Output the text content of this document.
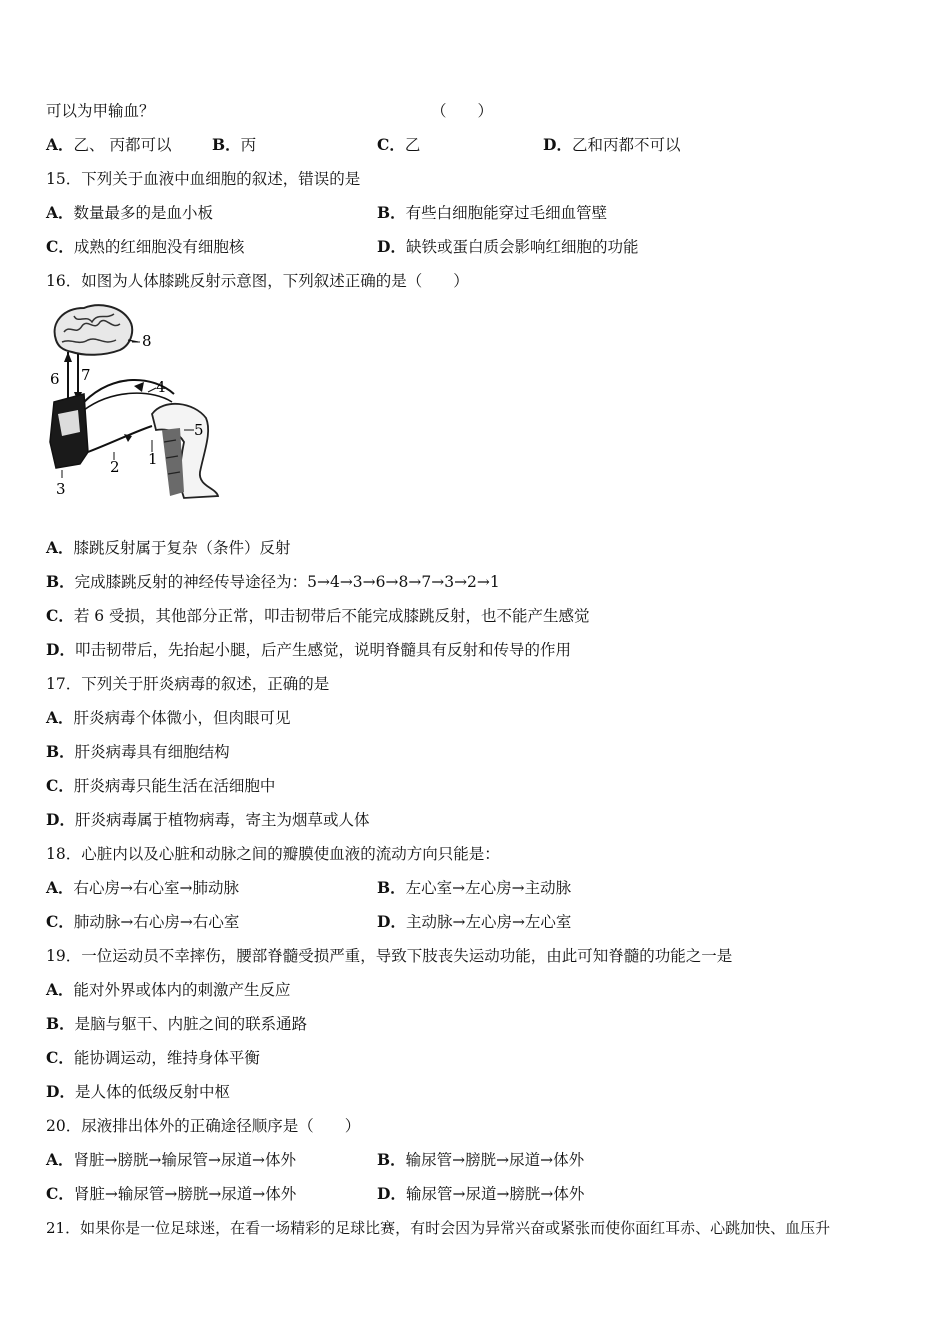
可以为甲输血？	（　　）
A．乙、 丙都可以	B．丙	C．乙	D．乙和丙都不可以
15．下列关于血液中血细胞的叙述，错误的是
A．数量最多的是血小板	B．有些白细胞能穿过毛细血管壁
C．成熟的红细胞没有细胞核	D．缺铁或蛋白质会影响红细胞的功能
16．如图为人体膝跳反射示意图，下列叙述正确的是（　　）
8
6 7
4
5
1
2
3
A．膝跳反射属于复杂（条件）反射
B．完成膝跳反射的神经传导途径为：5→4→3→6→8→7→3→2→1
C．若 6 受损，其他部分正常，叩击韧带后不能完成膝跳反射，也不能产生感觉
D．叩击韧带后，先抬起小腿，后产生感觉，说明脊髓具有反射和传导的作用
17．下列关于肝炎病毒的叙述，正确的是
A．肝炎病毒个体微小，但肉眼可见
B．肝炎病毒具有细胞结构
C．肝炎病毒只能生活在活细胞中
D．肝炎病毒属于植物病毒，寄主为烟草或人体
18．心脏内以及心脏和动脉之间的瓣膜使血液的流动方向只能是：
A．右心房→右心室→肺动脉	B．左心室→左心房→主动脉
C．肺动脉→右心房→右心室	D．主动脉→左心房→左心室
19．一位运动员不幸摔伤，腰部脊髓受损严重，导致下肢丧失运动功能，由此可知脊髓的功能之一是
A．能对外界或体内的刺激产生反应
B．是脑与躯干、内脏之间的联系通路
C．能协调运动，维持身体平衡
D．是人体的低级反射中枢
20．尿液排出体外的正确途径顺序是（　　）
A．肾脏→膀胱→输尿管→尿道→体外	B．输尿管→膀胱→尿道→体外
C．肾脏→输尿管→膀胱→尿道→体外	D．输尿管→尿道→膀胱→体外
21．如果你是一位足球迷，在看一场精彩的足球比赛，有时会因为异常兴奋或紧张而使你面红耳赤、心跳加快、血压升
